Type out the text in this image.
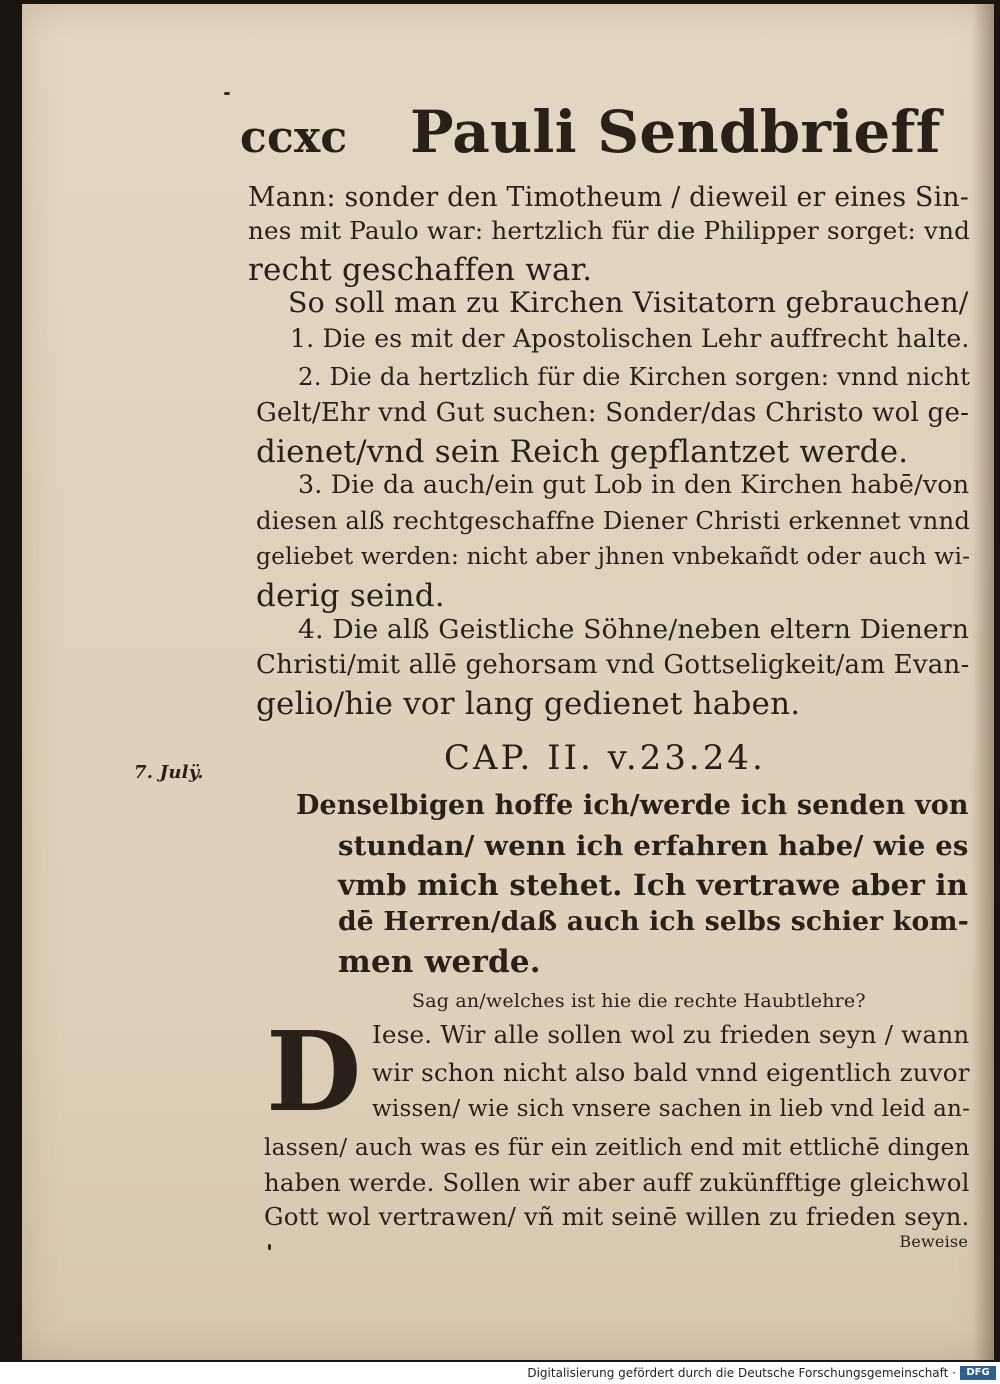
ccxc Pauli Sendbrieff
Mann: sonder den Timotheum / dieweil er eines Sin-
nes mit Paulo war: hertzlich für die Philipper sorget: vnd
recht geschaffen war.
So soll man zu Kirchen Visitatorn gebrauchen/
1. Die es mit der Apostolischen Lehr auffrecht halte.
2. Die da hertzlich für die Kirchen sorgen: vnnd nicht
Gelt/Ehr vnd Gut suchen: Sonder/das Christo wol ge-
dienet/vnd sein Reich gepflantzet werde.
3. Die da auch/ein gut Lob in den Kirchen habē/von
diesen alß rechtgeschaffne Diener Christi erkennet vnnd
geliebet werden: nicht aber jhnen vnbekañdt oder auch wi-
derig seind.
4. Die alß Geistliche Söhne/neben eltern Dienern
Christi/mit allē gehorsam vnd Gottseligkeit/am Evan-
gelio/hie vor lang gedienet haben.
CAP. II. v.23.24.
7. Julÿ.
Denselbigen hoffe ich/werde ich senden von
stundan/ wenn ich erfahren habe/ wie es
vmb mich stehet. Ich vertrawe aber in
dē Herren/daß auch ich selbs schier kom-
men werde.
Sag an/welches ist hie die rechte Haubtlehre?
D Iese. Wir alle sollen wol zu frieden seyn / wann
wir schon nicht also bald vnnd eigentlich zuvor
wissen/ wie sich vnsere sachen in lieb vnd leid an-
lassen/ auch was es für ein zeitlich end mit ettlichē dingen
haben werde. Sollen wir aber auff zukünfftige gleichwol
Gott wol vertrawen/ vñ mit seinē willen zu frieden seyn.
Beweise
Digitalisierung gefördert durch die Deutsche Forschungsgemeinschaft ·	DFG
